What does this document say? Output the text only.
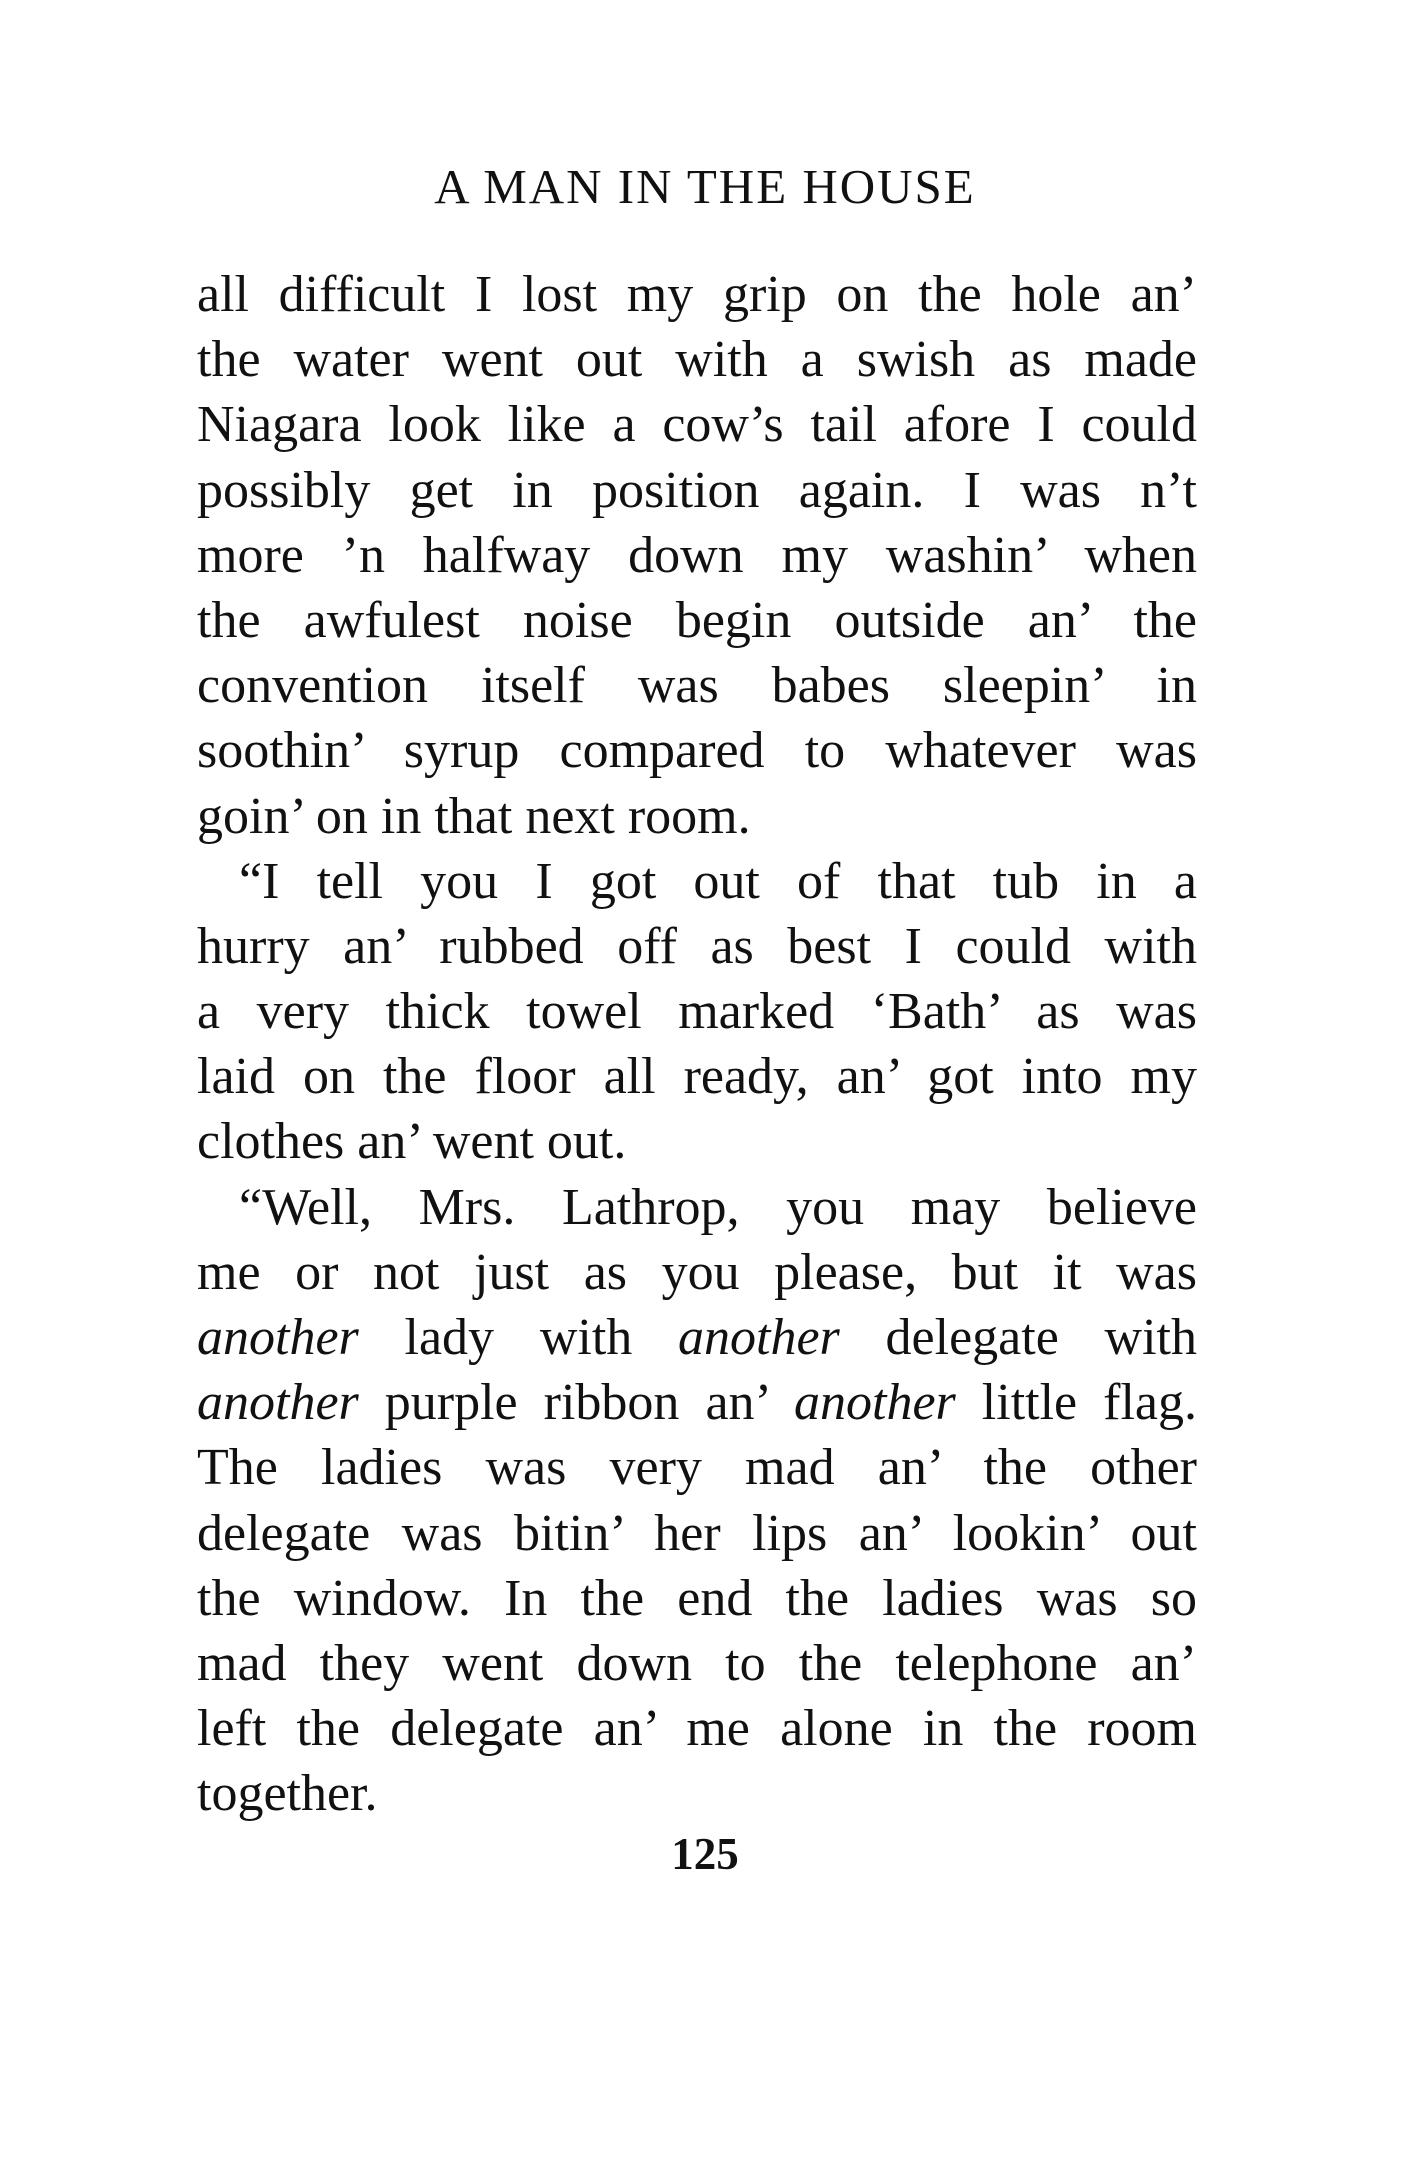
A MAN IN THE HOUSE
all difficult I lost my grip on the hole an’
the water went out with a swish as made
Niagara look like a cow’s tail afore I could
possibly get in position again. I was n’t
more ’n halfway down my washin’ when
the awfulest noise begin outside an’ the
convention itself was babes sleepin’ in
soothin’ syrup compared to whatever was
goin’ on in that next room.
“I tell you I got out of that tub in a
hurry an’ rubbed off as best I could with
a very thick towel marked ‘Bath’ as was
laid on the floor all ready, an’ got into my
clothes an’ went out.
“Well, Mrs. Lathrop, you may believe
me or not just as you please, but it was
another lady with another delegate with
another purple ribbon an’ another little flag.
The ladies was very mad an’ the other
delegate was bitin’ her lips an’ lookin’ out
the window. In the end the ladies was so
mad they went down to the telephone an’
left the delegate an’ me alone in the room
together.
125
